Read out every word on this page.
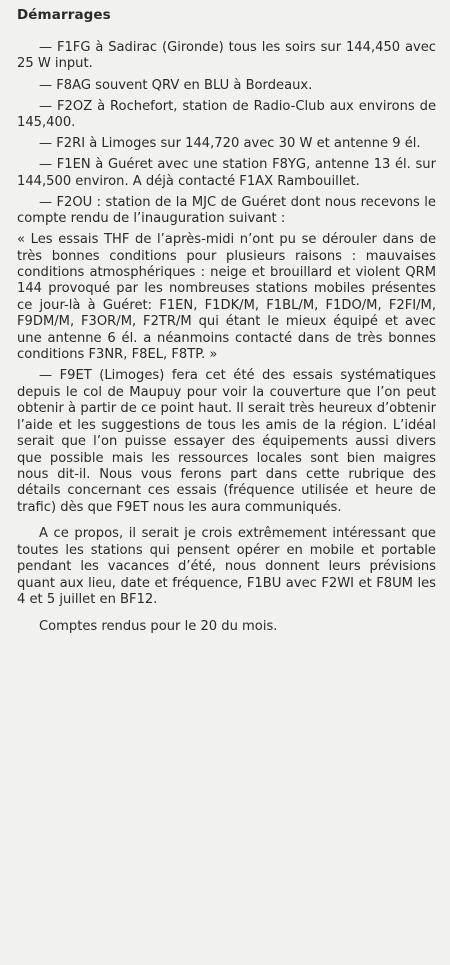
Démarrages

— F1FG à Sadirac (Gironde) tous les soirs sur 144,450 avec 25 W input.

— F8AG souvent QRV en BLU à Bordeaux.

— F2OZ à Rochefort, station de Radio-Club aux environs de 145,400.

— F2RI à Limoges sur 144,720 avec 30 W et antenne 9 él.

— F1EN à Guéret avec une station F8YG, antenne 13 él. sur 144,500 environ. A déjà contacté F1AX Rambouillet.

— F2OU : station de la MJC de Guéret dont nous recevons le compte rendu de l’inauguration suivant :

« Les essais THF de l’après-midi n’ont pu se dérouler dans de très bonnes conditions pour plusieurs raisons : mauvaises conditions atmosphériques : neige et brouillard et violent QRM 144 provoqué par les nombreuses stations mobiles présentes ce jour-là à Guéret: F1EN, F1DK/M, F1BL/M, F1DO/M, F2FI/M, F9DM/M, F3OR/M, F2TR/M qui étant le mieux équipé et avec une antenne 6 él. a néanmoins contacté dans de très bonnes conditions F3NR, F8EL, F8TP. »

— F9ET (Limoges) fera cet été des essais systématiques depuis le col de Maupuy pour voir la couverture que l’on peut obtenir à partir de ce point haut. Il serait très heureux d’obtenir l’aide et les suggestions de tous les amis de la région. L’idéal serait que l’on puisse essayer des équipements aussi divers que possible mais les ressources locales sont bien maigres nous dit-il. Nous vous ferons part dans cette rubrique des détails concernant ces essais (fréquence utilisée et heure de trafic) dès que F9ET nous les aura communiqués.

A ce propos, il serait je crois extrêmement intéressant que toutes les stations qui pensent opérer en mobile et portable pendant les vacances d’été, nous donnent leurs prévisions quant aux lieu, date et fréquence, F1BU avec F2WI et F8UM les 4 et 5 juillet en BF12.

Comptes rendus pour le 20 du mois.
